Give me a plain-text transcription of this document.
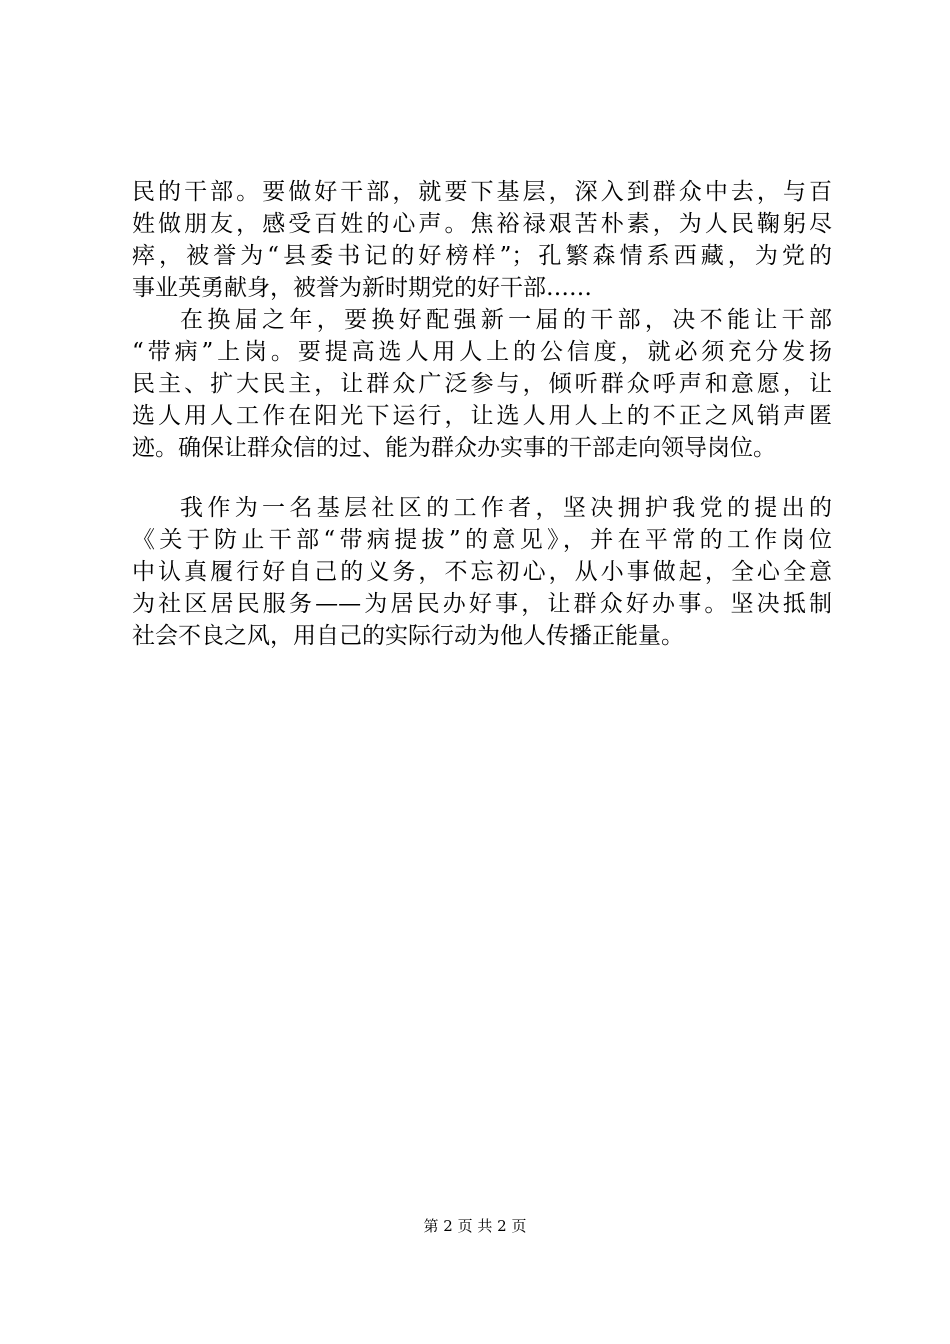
民的干部。要做好干部，就要下基层，深入到群众中去，与百
姓做朋友，感受百姓的心声。焦裕禄艰苦朴素，为人民鞠躬尽
瘁，被誉为“县委书记的好榜样”；孔繁森情系西藏，为党的
事业英勇献身，被誉为新时期党的好干部……
在换届之年，要换好配强新一届的干部，决不能让干部
“带病”上岗。要提高选人用人上的公信度，就必须充分发扬
民主、扩大民主，让群众广泛参与，倾听群众呼声和意愿，让
选人用人工作在阳光下运行，让选人用人上的不正之风销声匿
迹。确保让群众信的过、能为群众办实事的干部走向领导岗位。
我作为一名基层社区的工作者，坚决拥护我党的提出的
《关于防止干部“带病提拔”的意见》，并在平常的工作岗位
中认真履行好自己的义务，不忘初心，从小事做起，全心全意
为社区居民服务——为居民办好事，让群众好办事。坚决抵制
社会不良之风，用自己的实际行动为他人传播正能量。
第 2 页 共 2 页
